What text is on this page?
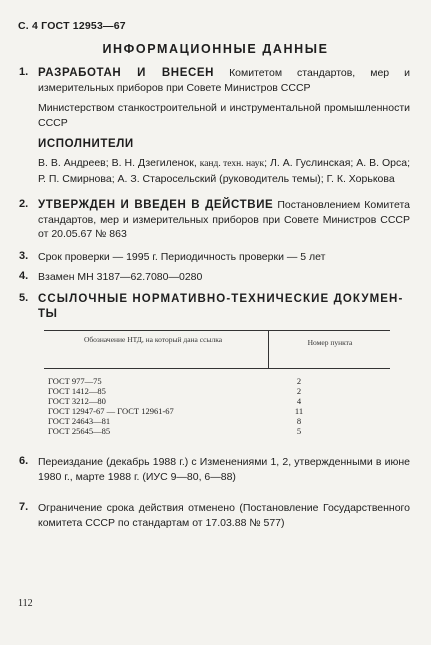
С. 4 ГОСТ 12953—67
ИНФОРМАЦИОННЫЕ ДАННЫЕ
1. РАЗРАБОТАН И ВНЕСЕН Комитетом стандартов, мер и измерительных приборов при Совете Министров СССР
Министерством станкостроительной и инструментальной промышленности СССР
ИСПОЛНИТЕЛИ
В. В. Андреев; В. Н. Дзегиленок, канд. техн. наук; Л. А. Гуслинская; А. В. Орса; Р. П. Смирнова; А. З. Старосельский (руководитель темы); Г. К. Хорькова
2. УТВЕРЖДЕН И ВВЕДЕН В ДЕЙСТВИЕ Постановлением Комитета стандартов, мер и измерительных приборов при Совете Министров СССР от 20.05.67 № 863
3. Срок проверки — 1995 г. Периодичность проверки — 5 лет
4. Взамен МН 3187—62.7080—0280
5. ССЫЛОЧНЫЕ НОРМАТИВНО-ТЕХНИЧЕСКИЕ ДОКУМЕН-
ТЫ
Обозначение НТД, на который дана ссылка	Номер пункта
ГОСТ 977—75	2
ГОСТ 1412—85	2
ГОСТ 3212—80	4
ГОСТ 12947-67 — ГОСТ 12961-67	11
ГОСТ 24643—81	8
ГОСТ 25645—85	5
6. Переиздание (декабрь 1988 г.) с Изменениями 1, 2, утвержденными в июне 1980 г., марте 1988 г. (ИУС 9—80, 6—88)
7. Ограничение срока действия отменено (Постановление Государственного комитета СССР по стандартам от 17.03.88 № 577)
112
